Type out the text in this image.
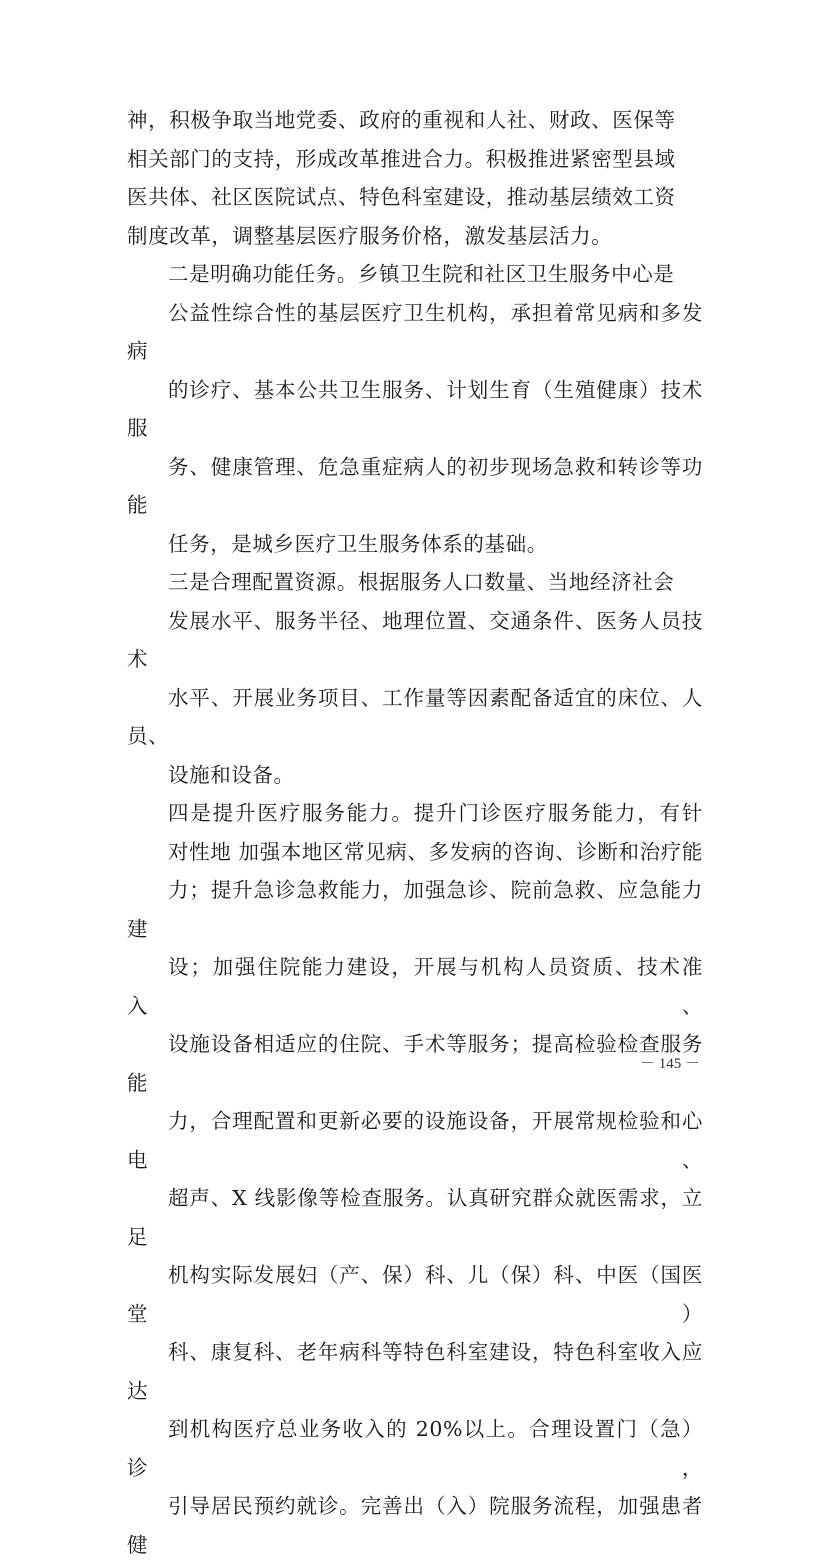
神，积极争取当地党委、政府的重视和人社、财政、医保等
相关部门的支持，形成改革推进合力。积极推进紧密型县域
医共体、社区医院试点、特色科室建设，推动基层绩效工资
制度改革，调整基层医疗服务价格，激发基层活力。

二是明确功能任务。乡镇卫生院和社区卫生服务中心是
公益性综合性的基层医疗卫生机构，承担着常见病和多发病
的诊疗、基本公共卫生服务、计划生育（生殖健康）技术服
务、健康管理、危急重症病人的初步现场急救和转诊等功能
任务，是城乡医疗卫生服务体系的基础。

三是合理配置资源。根据服务人口数量、当地经济社会
发展水平、服务半径、地理位置、交通条件、医务人员技术
水平、开展业务项目、工作量等因素配备适宜的床位、人员、
设施和设备。

四是提升医疗服务能力。提升门诊医疗服务能力，有针
对性地 加强本地区常见病、多发病的咨询、诊断和治疗能
力；提升急诊急救能力，加强急诊、院前急救、应急能力建
设；加强住院能力建设，开展与机构人员资质、技术准入、
设施设备相适应的住院、手术等服务；提高检验检查服务能
力，合理配置和更新必要的设施设备，开展常规检验和心电、
超声、X 线影像等检查服务。认真研究群众就医需求，立足
机构实际发展妇（产、保）科、儿（保）科、中医（国医堂）
科、康复科、老年病科等特色科室建设，特色科室收入应达
到机构医疗总业务收入的 20%以上。合理设置门（急）诊，
引导居民预约就诊。完善出（入）院服务流程，加强患者健

－ 145 －
